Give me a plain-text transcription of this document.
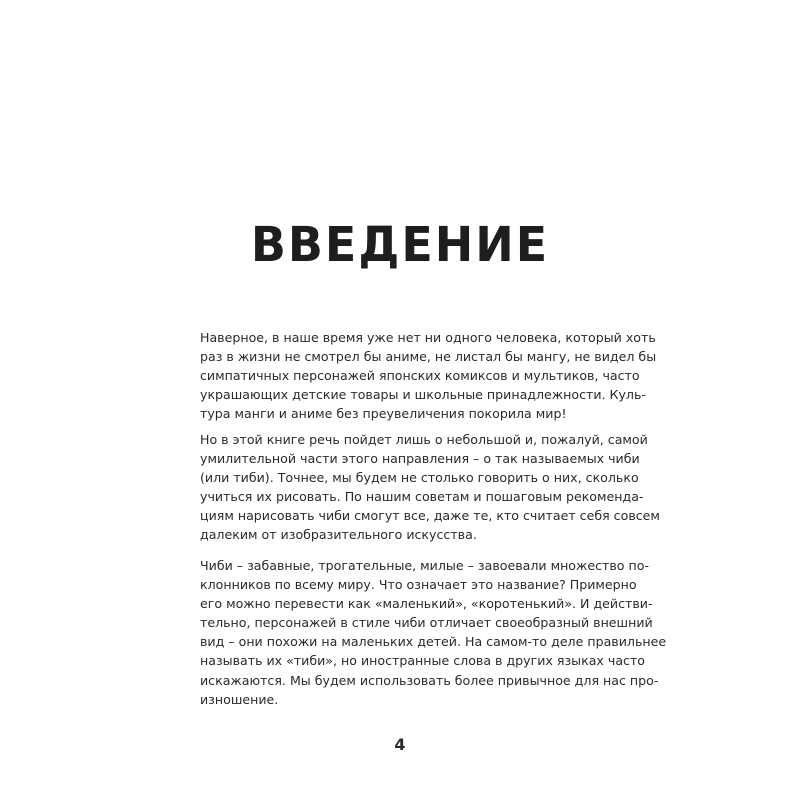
ВВЕДЕНИЕ
Наверное, в наше время уже нет ни одного человека, который хоть
раз в жизни не смотрел бы аниме, не листал бы мангу, не видел бы
симпатичных персонажей японских комиксов и мультиков, часто
украшающих детские товары и школьные принадлежности. Куль-
тура манги и аниме без преувеличения покорила мир!
Но в этой книге речь пойдет лишь о небольшой и, пожалуй, самой
умилительной части этого направления – о так называемых чиби
(или тиби). Точнее, мы будем не столько говорить о них, сколько
учиться их рисовать. По нашим советам и пошаговым рекоменда-
циям нарисовать чиби смогут все, даже те, кто считает себя совсем
далеким от изобразительного искусства.
Чиби – забавные, трогательные, милые – завоевали множество по-
клонников по всему миру. Что означает это название? Примерно
его можно перевести как «маленький», «коротенький». И действи-
тельно, персонажей в стиле чиби отличает своеобразный внешний
вид – они похожи на маленьких детей. На самом-то деле правильнее
называть их «тиби», но иностранные слова в других языках часто
искажаются. Мы будем использовать более привычное для нас про-
изношение.
4
